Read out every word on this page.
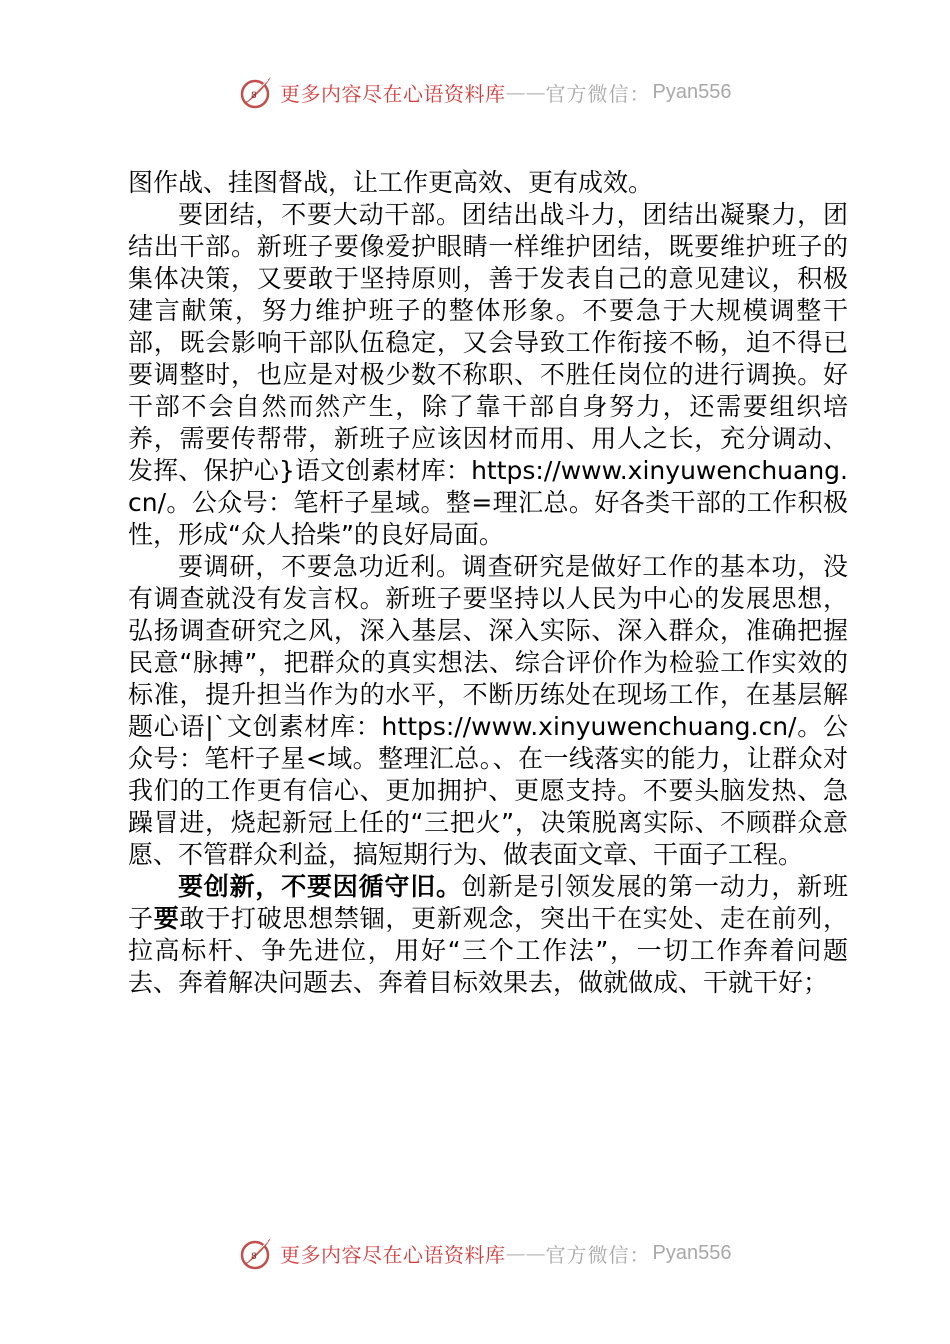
8 更多内容尽在心语资料库 —— 官方微信： Pyan556

图作战、挂图督战，让工作更高效、更有成效。

要团结，不要大动干部。团结出战斗力，团结出凝聚力，团结出干部。新班子要像爱护眼睛一样维护团结，既要维护班子的集体决策，又要敢于坚持原则，善于发表自己的意见建议，积极建言献策，努力维护班子的整体形象。不要急于大规模调整干部，既会影响干部队伍稳定，又会导致工作衔接不畅，迫不得已要调整时，也应是对极少数不称职、不胜任岗位的进行调换。好干部不会自然而然产生，除了靠干部自身努力，还需要组织培养，需要传帮带，新班子应该因材而用、用人之长，充分调动、发挥、保护心}语文创素材库：https://www.xinyuwenchuang.cn/。公众号：笔杆子星域。整=理汇总。好各类干部的工作积极性，形成“众人拾柴”的良好局面。

要调研，不要急功近利。调查研究是做好工作的基本功，没有调查就没有发言权。新班子要坚持以人民为中心的发展思想，弘扬调查研究之风，深入基层、深入实际、深入群众，准确把握民意“脉搏”，把群众的真实想法、综合评价作为检验工作实效的标准，提升担当作为的水平，不断历练处在现场工作，在基层解题心语|`文创素材库：https://www.xinyuwenchuang.cn/。公众号：笔杆子星<域。整理汇总。、在一线落实的能力，让群众对我们的工作更有信心、更加拥护、更愿支持。不要头脑发热、急躁冒进，烧起新冠上任的“三把火”，决策脱离实际、不顾群众意愿、不管群众利益，搞短期行为、做表面文章、干面子工程。

要创新，不要因循守旧。创新是引领发展的第一动力，新班子要敢于打破思想禁锢，更新观念，突出干在实处、走在前列，拉高标杆、争先进位，用好“三个工作法”，一切工作奔着问题去、奔着解决问题去、奔着目标效果去，做就做成、干就干好；

8 更多内容尽在心语资料库 —— 官方微信： Pyan556
